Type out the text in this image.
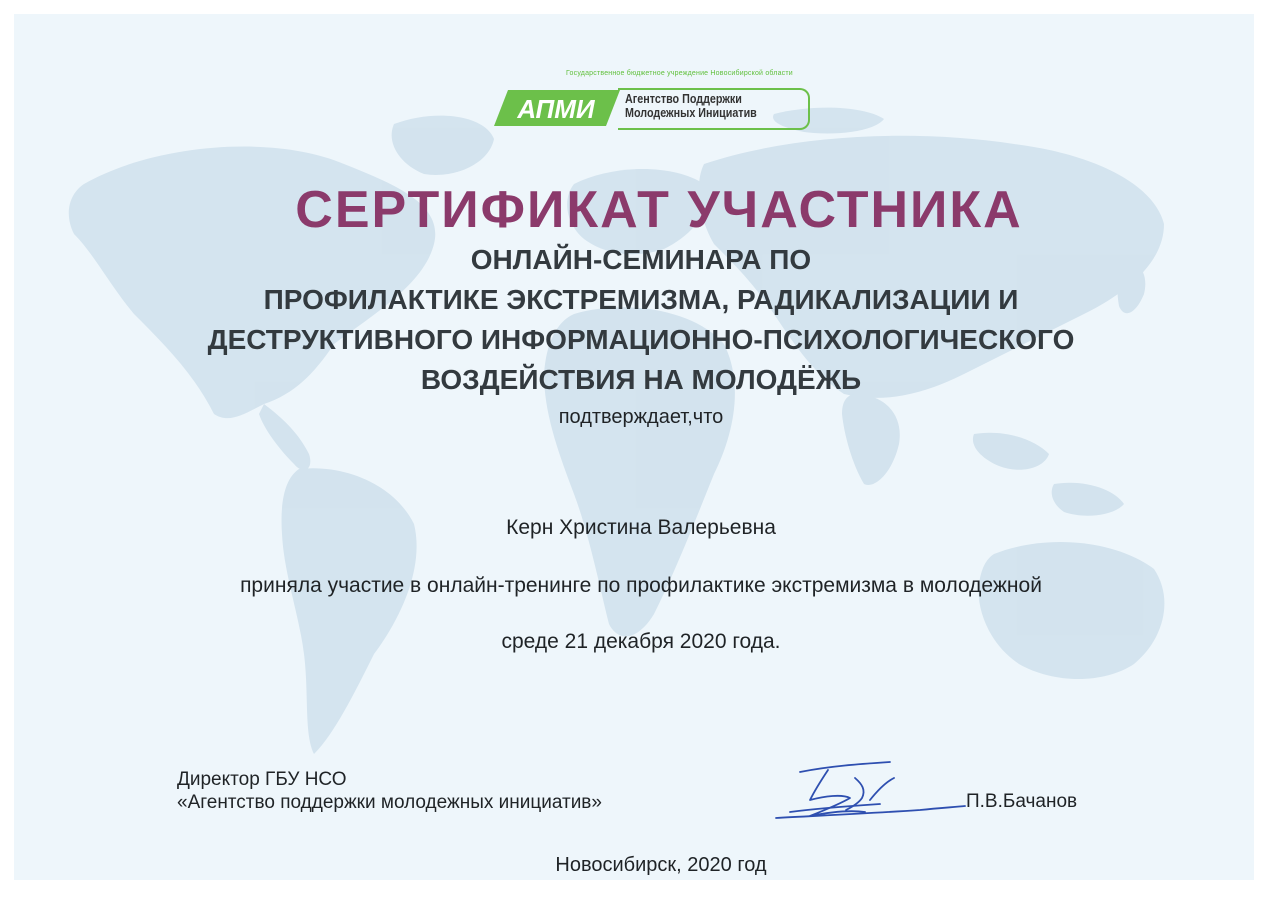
Государственное бюджетное учреждение Новосибирской области
АПМИ Агентство Поддержки
Молодежных Инициатив
СЕРТИФИКАТ УЧАСТНИКА
ОНЛАЙН-СЕМИНАРА ПО
ПРОФИЛАКТИКЕ ЭКСТРЕМИЗМА, РАДИКАЛИЗАЦИИ И
ДЕСТРУКТИВНОГО ИНФОРМАЦИОННО-ПСИХОЛОГИЧЕСКОГО
ВОЗДЕЙСТВИЯ НА МОЛОДЁЖЬ
подтверждает,что
Керн Христина Валерьевна
приняла участие в онлайн-тренинге по профилактике экстремизма в молодежной
среде 21 декабря 2020 года.
Директор ГБУ НСО
«Агентство поддержки молодежных инициатив»	П.В.Бачанов
Новосибирск, 2020 год
